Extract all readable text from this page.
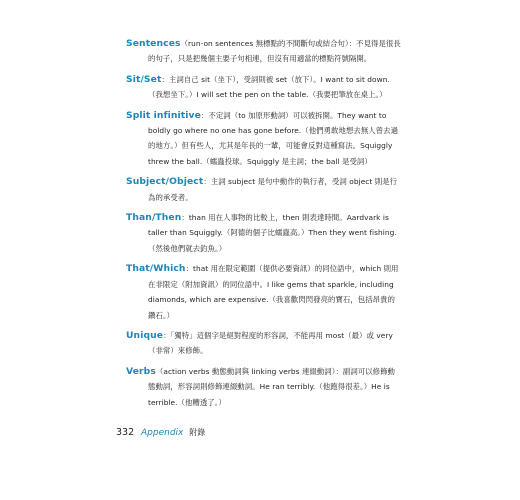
Sentences（run-on sentences 無標點的不間斷句或結合句）：不見得是很長的句子，只是把幾個主要子句相連，但沒有用適當的標點符號隔開。

Sit/Set：主詞自己 sit（坐下），受詞則被 set（放下）。I want to sit down.（我想坐下。）I will set the pen on the table.（我要把筆放在桌上。）

Split infinitive：不定詞（to 加原形動詞）可以被拆開。They want to boldly go where no one has gone before.（他們勇敢地想去無人曾去過的地方。）但有些人，尤其是年長的一輩，可能會反對這種寫法。Squiggly threw the ball.（蠕蟲投球。Squiggly 是主詞；the ball 是受詞）

Subject/Object：主詞 subject 是句中動作的執行者，受詞 object 則是行為的承受者。

Than/Then：than 用在人事物的比較上，then 則表達時間。Aardvark is taller than Squiggly.（阿德的個子比蠕蟲高。）Then they went fishing.（然後他們就去釣魚。）

That/Which：that 用在限定範圍（提供必要資訊）的同位語中，which 則用在非限定（附加資訊）的同位語中。I like gems that sparkle, including diamonds, which are expensive.（我喜歡閃閃發亮的寶石，包括昂貴的鑽石。）

Unique：「獨特」這個字是絕對程度的形容詞，不能再用 most（最）或 very（非常）來修飾。

Verbs（action verbs 動態動詞與 linking verbs 連綴動詞）：副詞可以修飾動態動詞，形容詞則修飾連綴動詞。He ran terribly.（他跑得很差。）He is terrible.（他糟透了。）

332 Appendix 附錄
